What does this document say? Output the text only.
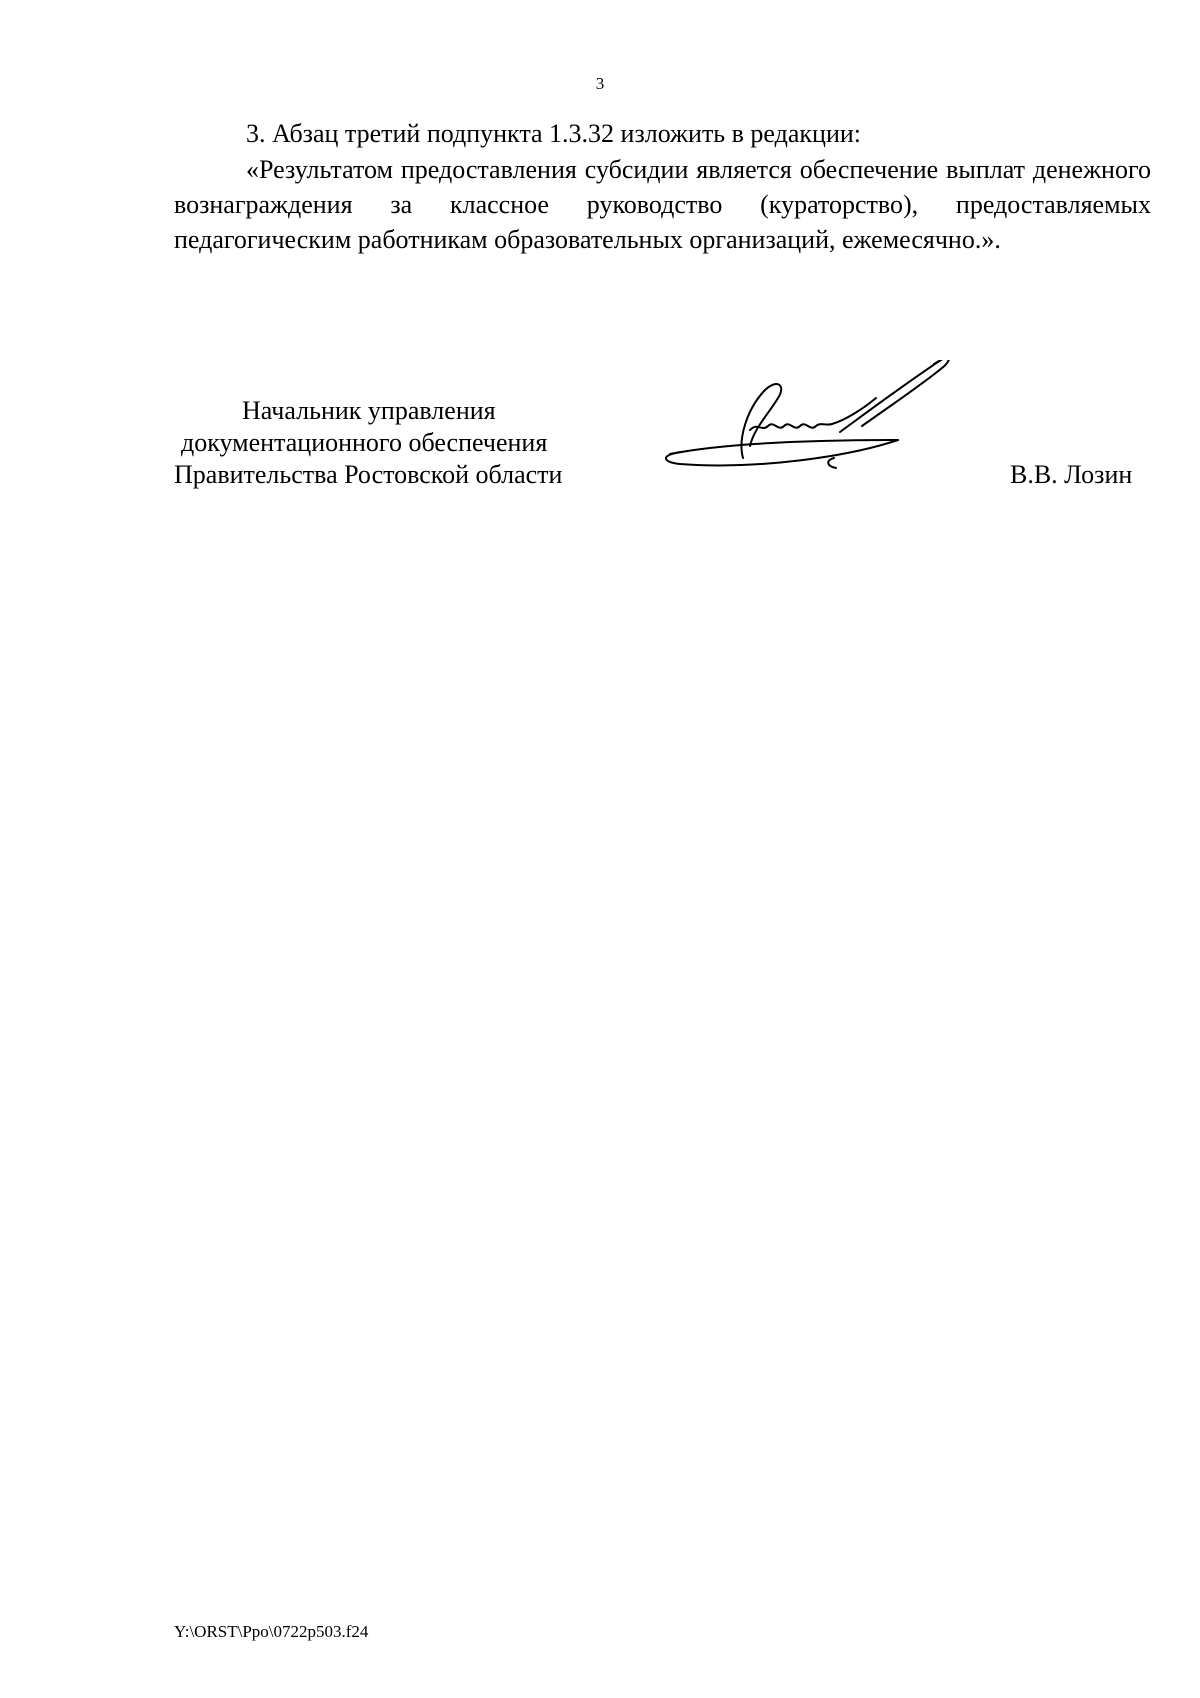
3
3. Абзац третий подпункта 1.3.32 изложить в редакции:
«Результатом предоставления субсидии является обеспечение выплат денежного вознаграждения за классное руководство (кураторство), предоставляемых педагогическим работникам образовательных организаций, ежемесячно.».
Начальник управления
документационного обеспечения
Правительства Ростовской области	В.В. Лозин
Y:\ORST\Ppo\0722p503.f24
